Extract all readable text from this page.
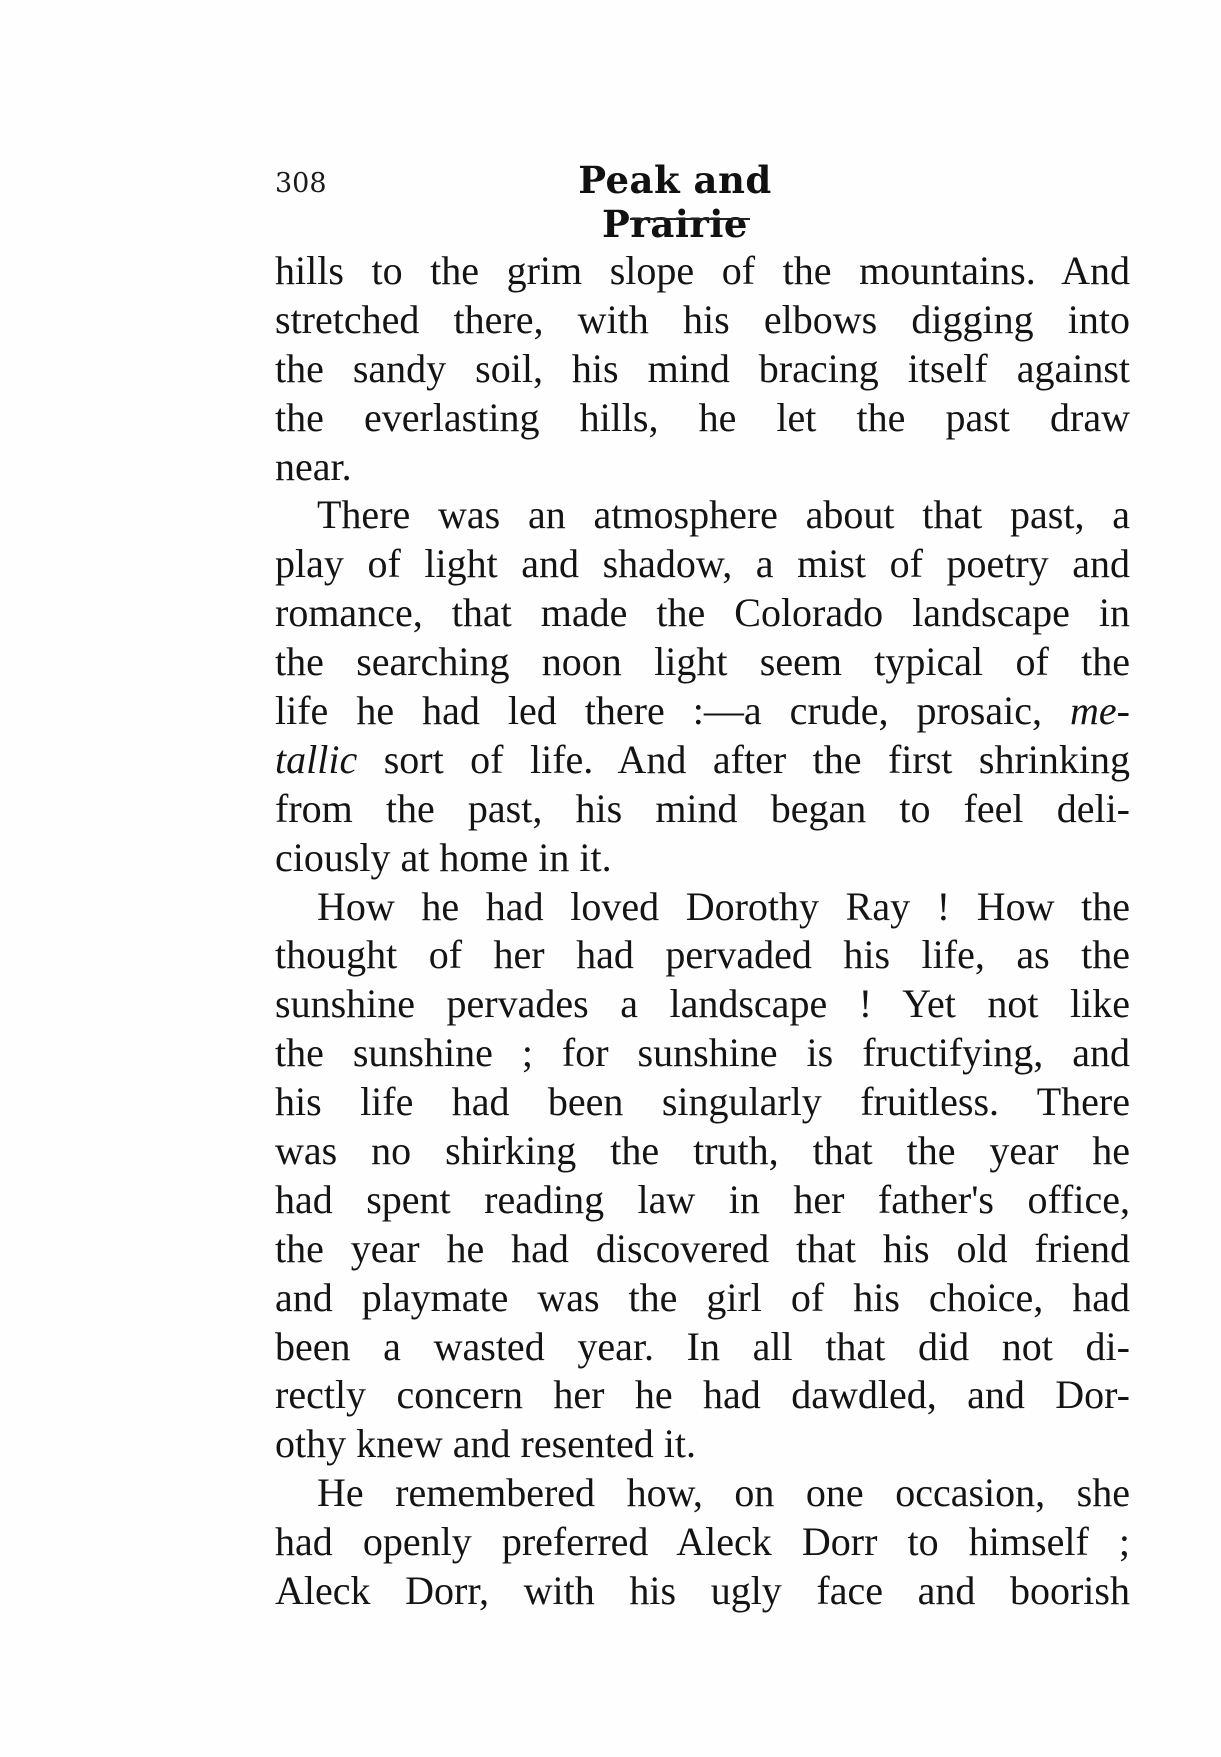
308	Peak and Prairie
hills to the grim slope of the mountains. And
stretched there, with his elbows digging into
the sandy soil, his mind bracing itself against
the everlasting hills, he let the past draw
near.
There was an atmosphere about that past, a
play of light and shadow, a mist of poetry and
romance, that made the Colorado landscape in
the searching noon light seem typical of the
life he had led there :—a crude, prosaic, me-
tallic sort of life. And after the first shrinking
from the past, his mind began to feel deli-
ciously at home in it.
How he had loved Dorothy Ray ! How the
thought of her had pervaded his life, as the
sunshine pervades a landscape ! Yet not like
the sunshine ; for sunshine is fructifying, and
his life had been singularly fruitless. There
was no shirking the truth, that the year he
had spent reading law in her father's office,
the year he had discovered that his old friend
and playmate was the girl of his choice, had
been a wasted year. In all that did not di-
rectly concern her he had dawdled, and Dor-
othy knew and resented it.
He remembered how, on one occasion, she
had openly preferred Aleck Dorr to himself ;
Aleck Dorr, with his ugly face and boorish
